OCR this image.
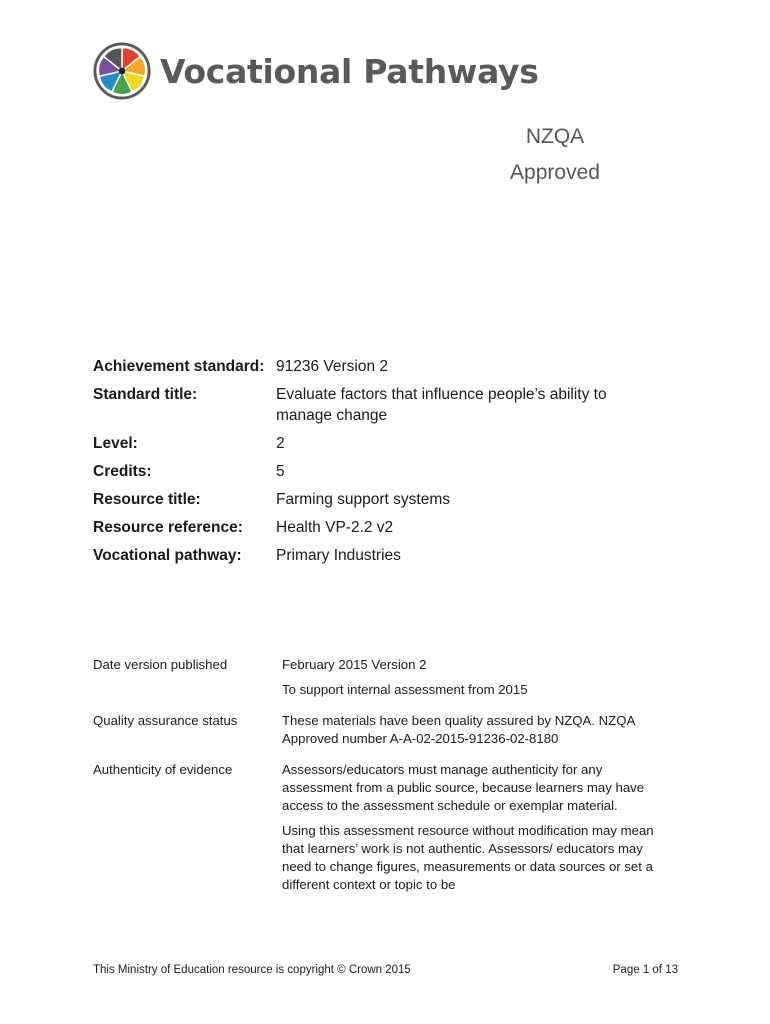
Vocational Pathways
NZQA
Approved
Achievement standard: 91236 Version 2
Standard title:	Evaluate factors that influence people’s ability to manage change
Level:	2
Credits:	5
Resource title:	Farming support systems
Resource reference:	Health VP-2.2 v2
Vocational pathway:	Primary Industries
Date version published	February 2015 Version 2

To support internal assessment from 2015

Quality assurance status	These materials have been quality assured by NZQA. NZQA Approved number A-A-02-2015-91236-02-8180

Authenticity of evidence	Assessors/educators must manage authenticity for any assessment from a public source, because learners may have access to the assessment schedule or exemplar material.

Using this assessment resource without modification may mean that learners’ work is not authentic. Assessors/ educators may need to change figures, measurements or data sources or set a different context or topic to be

This Ministry of Education resource is copyright © Crown 2015	Page 1 of 13
